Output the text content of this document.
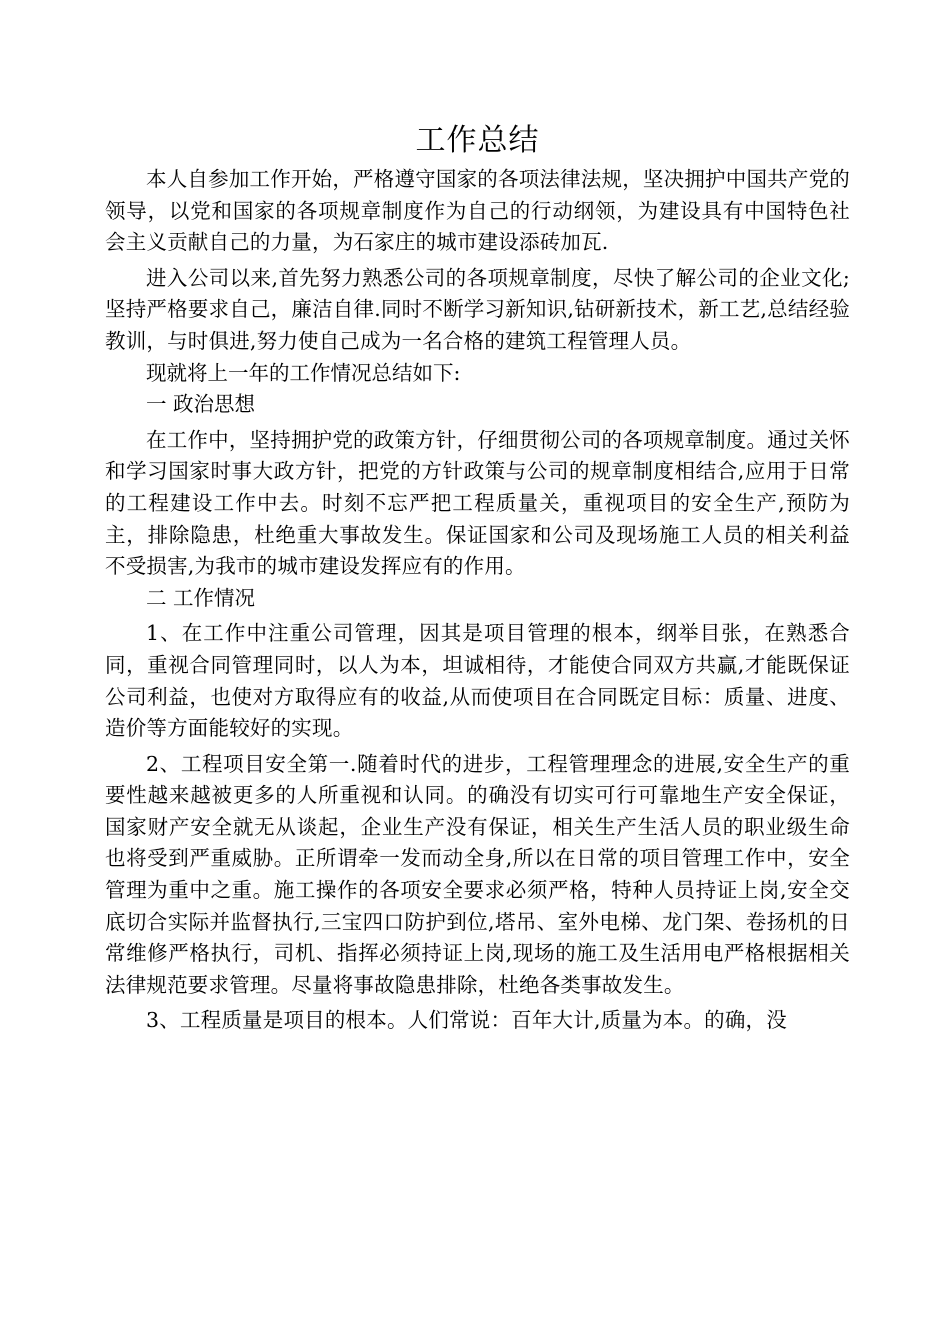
工作总结

本人自参加工作开始，严格遵守国家的各项法律法规，坚决拥护中国共产党的领导，以党和国家的各项规章制度作为自己的行动纲领，为建设具有中国特色社会主义贡献自己的力量，为石家庄的城市建设添砖加瓦.

进入公司以来,首先努力熟悉公司的各项规章制度，尽快了解公司的企业文化;坚持严格要求自己，廉洁自律.同时不断学习新知识,钻研新技术，新工艺,总结经验教训，与时俱进,努力使自己成为一名合格的建筑工程管理人员。

现就将上一年的工作情况总结如下:

一 政治思想

在工作中，坚持拥护党的政策方针，仔细贯彻公司的各项规章制度。通过关怀和学习国家时事大政方针，把党的方针政策与公司的规章制度相结合,应用于日常的工程建设工作中去。时刻不忘严把工程质量关，重视项目的安全生产,预防为主，排除隐患，杜绝重大事故发生。保证国家和公司及现场施工人员的相关利益不受损害,为我市的城市建设发挥应有的作用。

二 工作情况

1、在工作中注重公司管理，因其是项目管理的根本，纲举目张，在熟悉合同，重视合同管理同时，以人为本，坦诚相待，才能使合同双方共赢,才能既保证公司利益，也使对方取得应有的收益,从而使项目在合同既定目标：质量、进度、造价等方面能较好的实现。

2、工程项目安全第一.随着时代的进步，工程管理理念的进展,安全生产的重要性越来越被更多的人所重视和认同。的确没有切实可行可靠地生产安全保证，国家财产安全就无从谈起，企业生产没有保证，相关生产生活人员的职业级生命也将受到严重威胁。正所谓牵一发而动全身,所以在日常的项目管理工作中，安全管理为重中之重。施工操作的各项安全要求必须严格，特种人员持证上岗,安全交底切合实际并监督执行,三宝四口防护到位,塔吊、室外电梯、龙门架、卷扬机的日常维修严格执行，司机、指挥必须持证上岗,现场的施工及生活用电严格根据相关法律规范要求管理。尽量将事故隐患排除，杜绝各类事故发生。

3、工程质量是项目的根本。人们常说：百年大计,质量为本。的确，没
